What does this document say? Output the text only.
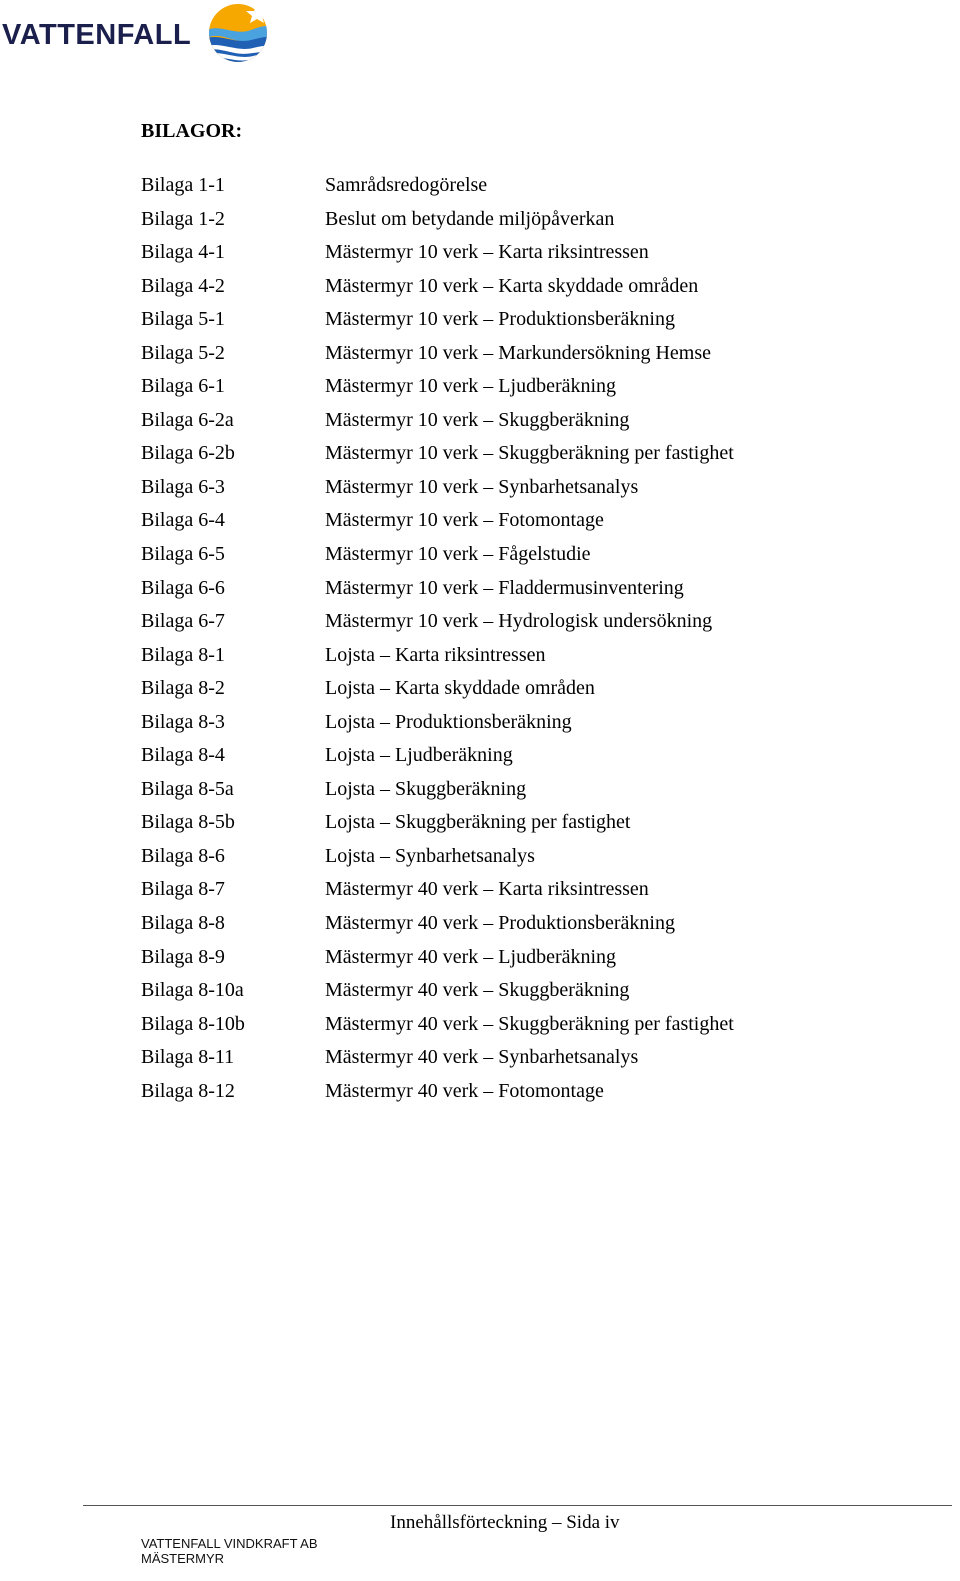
VATTENFALL
BILAGOR:
Bilaga 1-1	Samrådsredogörelse
Bilaga 1-2	Beslut om betydande miljöpåverkan
Bilaga 4-1	Mästermyr 10 verk – Karta riksintressen
Bilaga 4-2	Mästermyr 10 verk – Karta skyddade områden
Bilaga 5-1	Mästermyr 10 verk – Produktionsberäkning
Bilaga 5-2	Mästermyr 10 verk – Markundersökning Hemse
Bilaga 6-1	Mästermyr 10 verk – Ljudberäkning
Bilaga 6-2a	Mästermyr 10 verk – Skuggberäkning
Bilaga 6-2b	Mästermyr 10 verk – Skuggberäkning per fastighet
Bilaga 6-3	Mästermyr 10 verk – Synbarhetsanalys
Bilaga 6-4	Mästermyr 10 verk – Fotomontage
Bilaga 6-5	Mästermyr 10 verk – Fågelstudie
Bilaga 6-6	Mästermyr 10 verk – Fladdermusinventering
Bilaga 6-7	Mästermyr 10 verk – Hydrologisk undersökning
Bilaga 8-1	Lojsta – Karta riksintressen
Bilaga 8-2	Lojsta – Karta skyddade områden
Bilaga 8-3	Lojsta – Produktionsberäkning
Bilaga 8-4	Lojsta – Ljudberäkning
Bilaga 8-5a	Lojsta – Skuggberäkning
Bilaga 8-5b	Lojsta – Skuggberäkning per fastighet
Bilaga 8-6	Lojsta – Synbarhetsanalys
Bilaga 8-7	Mästermyr 40 verk – Karta riksintressen
Bilaga 8-8	Mästermyr 40 verk – Produktionsberäkning
Bilaga 8-9	Mästermyr 40 verk – Ljudberäkning
Bilaga 8-10a	Mästermyr 40 verk – Skuggberäkning
Bilaga 8-10b	Mästermyr 40 verk – Skuggberäkning per fastighet
Bilaga 8-11	Mästermyr 40 verk – Synbarhetsanalys
Bilaga 8-12	Mästermyr 40 verk – Fotomontage
Innehållsförteckning – Sida iv
VATTENFALL VINDKRAFT AB
MÄSTERMYR
